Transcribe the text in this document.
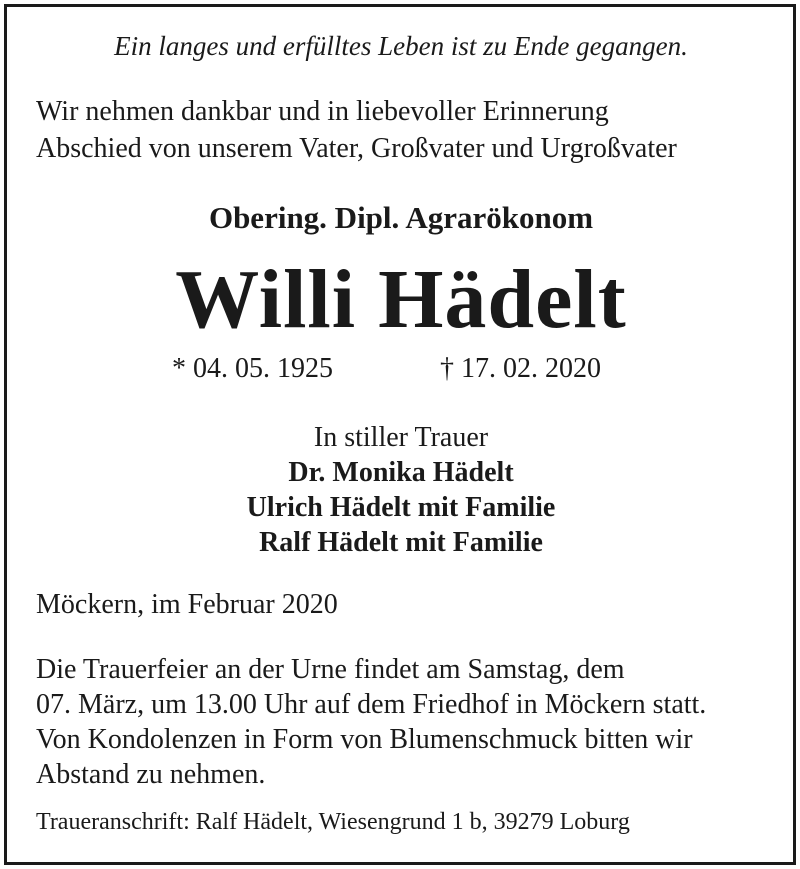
Ein langes und erfülltes Leben ist zu Ende gegangen.

Wir nehmen dankbar und in liebevoller Erinnerung
Abschied von unserem Vater, Großvater und Urgroßvater

Obering. Dipl. Agrarökonom

Willi Hädelt

* 04. 05. 1925	† 17. 02. 2020
In stiller Trauer
Dr. Monika Hädelt
Ulrich Hädelt mit Familie
Ralf Hädelt mit Familie

Möckern, im Februar 2020

Die Trauerfeier an der Urne findet am Samstag, dem
07. März, um 13.00 Uhr auf dem Friedhof in Möckern statt.
Von Kondolenzen in Form von Blumenschmuck bitten wir
Abstand zu nehmen.

Traueranschrift: Ralf Hädelt, Wiesengrund 1 b, 39279 Loburg
